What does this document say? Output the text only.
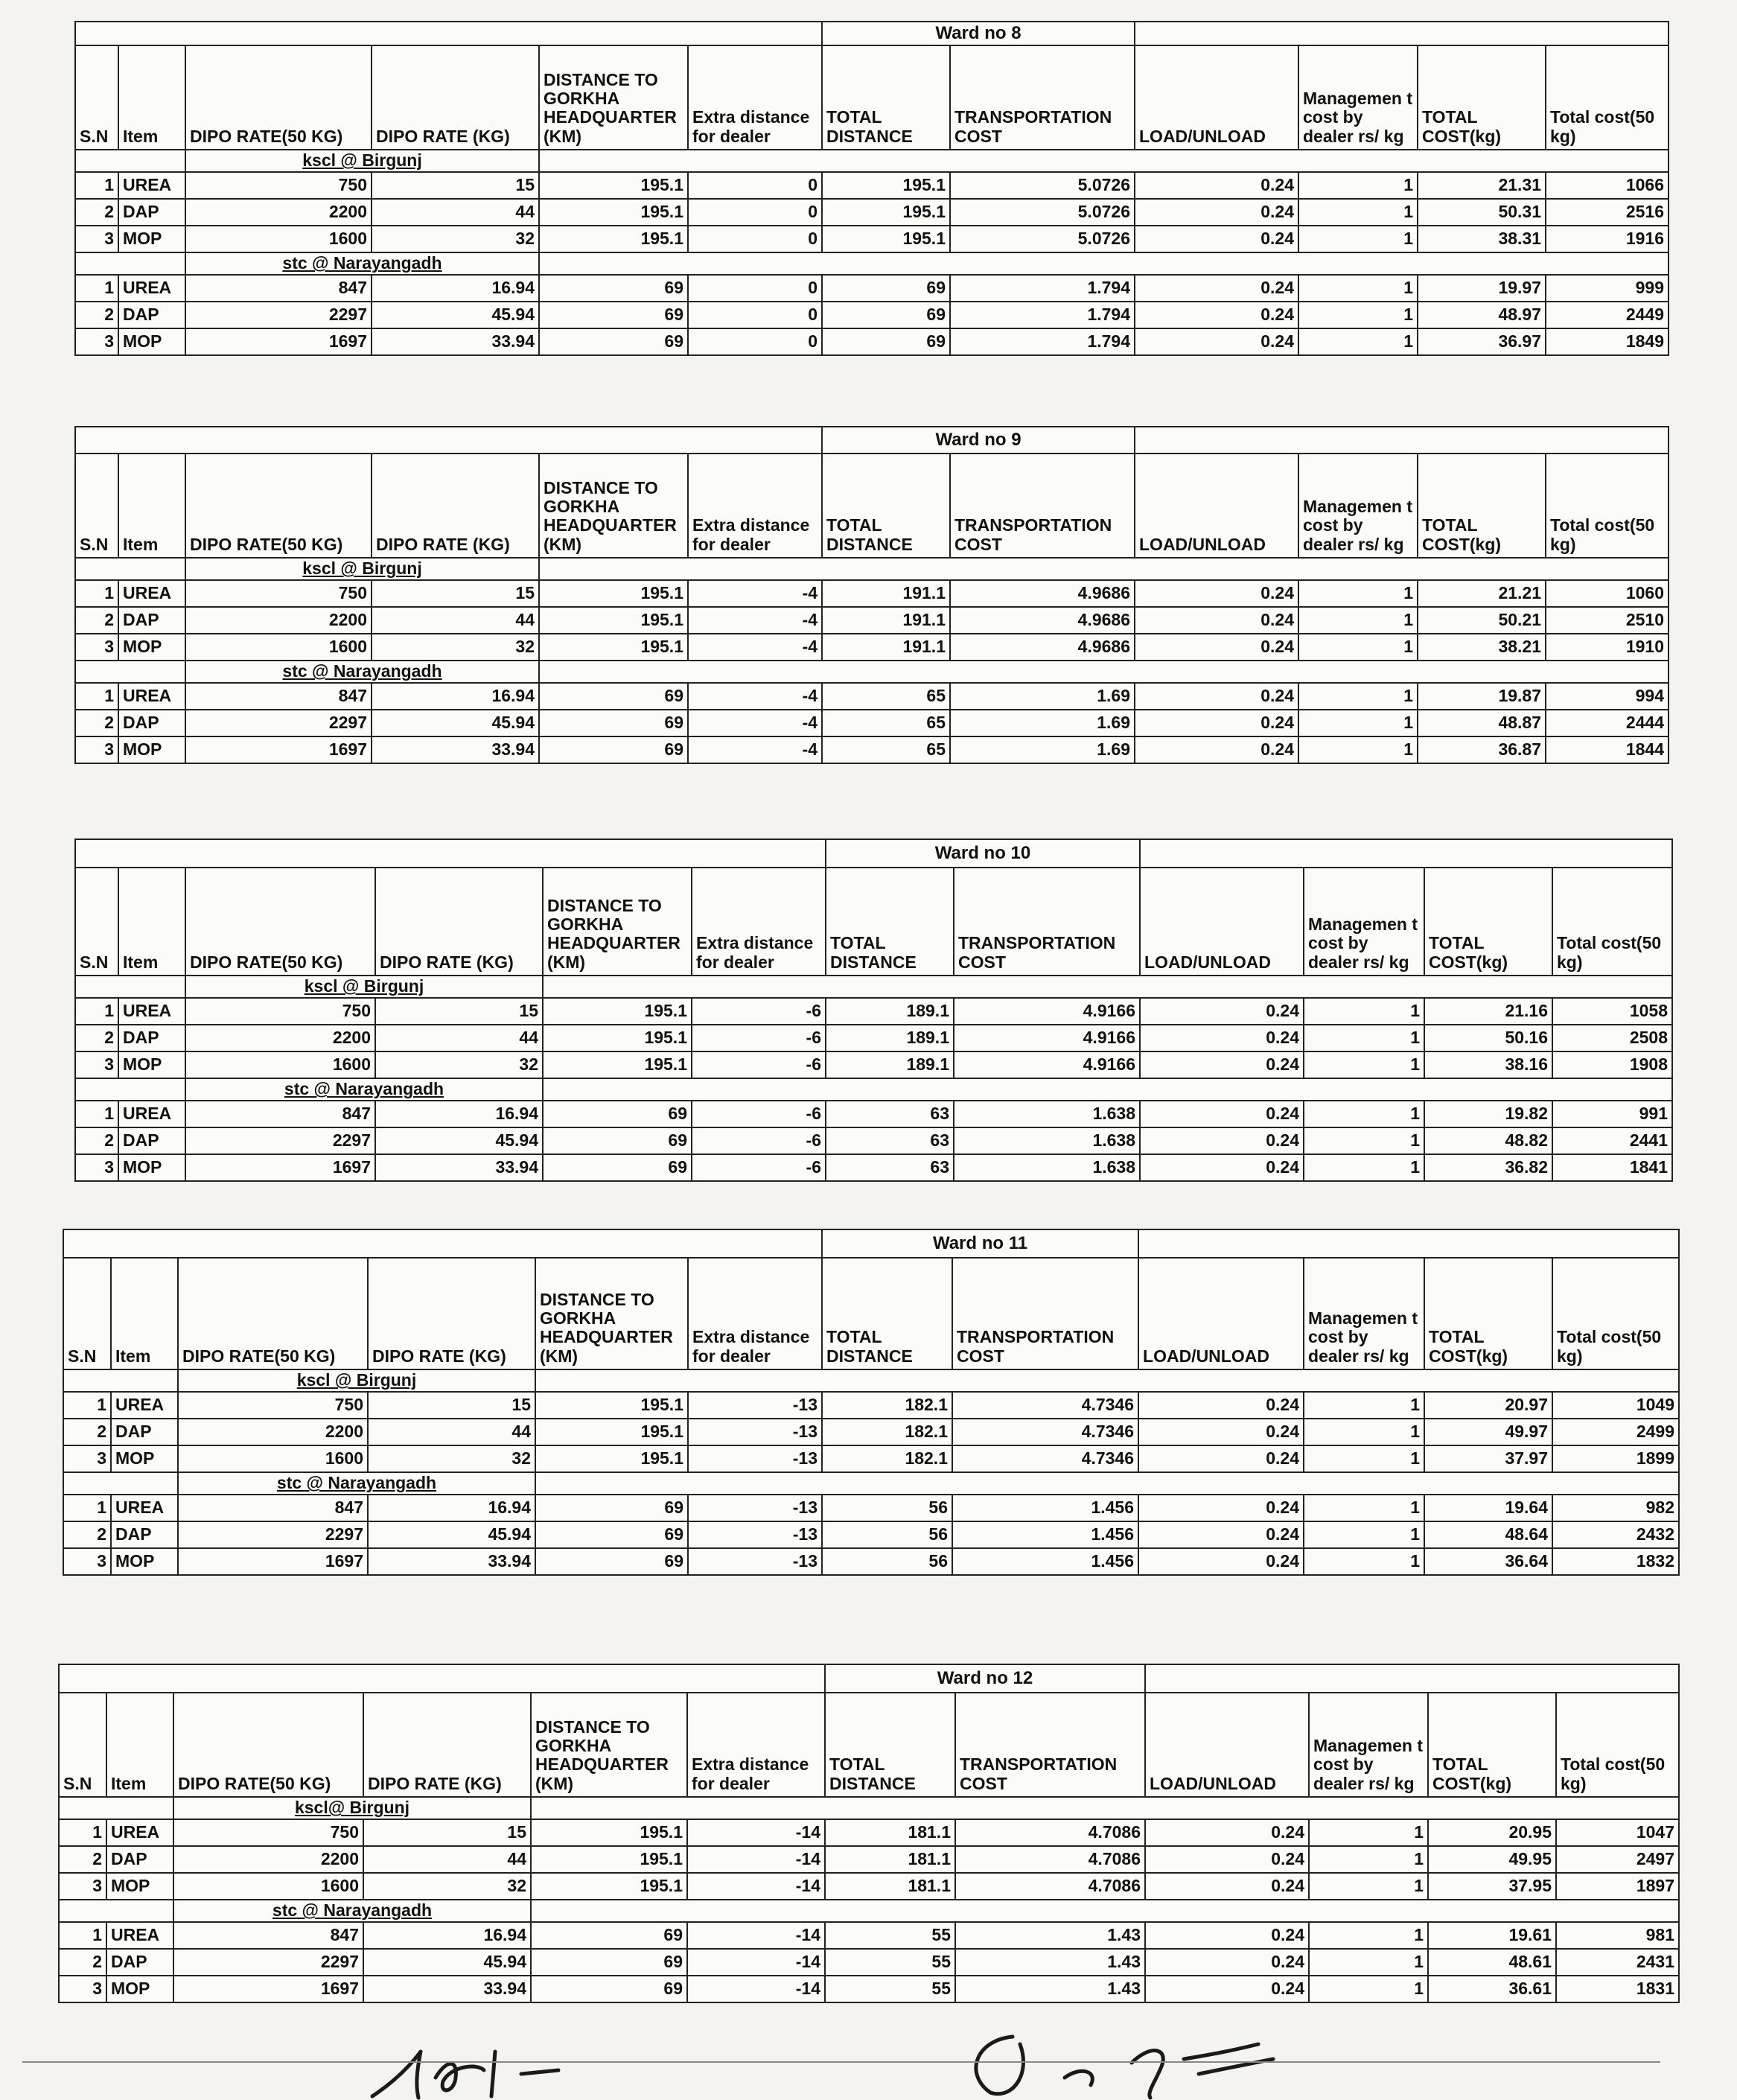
						Ward no 8					
S.N	Item	DIPO RATE(50 KG)	DIPO RATE (KG)	DISTANCE TO GORKHA HEADQUARTER (KM)	Extra distance for dealer	TOTAL DISTANCE	TRANSPORTATION COST	LOAD/UNLOAD	Managemen t cost by dealer rs/ kg	TOTAL COST(kg)	Total cost(50 kg)
		kscl @ Birgunj									
1	UREA	750	15	195.1	0	195.1	5.0726	0.24	1	21.31	1066
2	DAP	2200	44	195.1	0	195.1	5.0726	0.24	1	50.31	2516
3	MOP	1600	32	195.1	0	195.1	5.0726	0.24	1	38.31	1916
		stc @ Narayangadh									
1	UREA	847	16.94	69	0	69	1.794	0.24	1	19.97	999
2	DAP	2297	45.94	69	0	69	1.794	0.24	1	48.97	2449
3	MOP	1697	33.94	69	0	69	1.794	0.24	1	36.97	1849
						Ward no 9					
S.N	Item	DIPO RATE(50 KG)	DIPO RATE (KG)	DISTANCE TO GORKHA HEADQUARTER (KM)	Extra distance for dealer	TOTAL DISTANCE	TRANSPORTATION COST	LOAD/UNLOAD	Managemen t cost by dealer rs/ kg	TOTAL COST(kg)	Total cost(50 kg)
		kscl @ Birgunj									
1	UREA	750	15	195.1	-4	191.1	4.9686	0.24	1	21.21	1060
2	DAP	2200	44	195.1	-4	191.1	4.9686	0.24	1	50.21	2510
3	MOP	1600	32	195.1	-4	191.1	4.9686	0.24	1	38.21	1910
		stc @ Narayangadh									
1	UREA	847	16.94	69	-4	65	1.69	0.24	1	19.87	994
2	DAP	2297	45.94	69	-4	65	1.69	0.24	1	48.87	2444
3	MOP	1697	33.94	69	-4	65	1.69	0.24	1	36.87	1844
						Ward no 10					
S.N	Item	DIPO RATE(50 KG)	DIPO RATE (KG)	DISTANCE TO GORKHA HEADQUARTER (KM)	Extra distance for dealer	TOTAL DISTANCE	TRANSPORTATION COST	LOAD/UNLOAD	Managemen t cost by dealer rs/ kg	TOTAL COST(kg)	Total cost(50 kg)
		kscl @ Birgunj									
1	UREA	750	15	195.1	-6	189.1	4.9166	0.24	1	21.16	1058
2	DAP	2200	44	195.1	-6	189.1	4.9166	0.24	1	50.16	2508
3	MOP	1600	32	195.1	-6	189.1	4.9166	0.24	1	38.16	1908
		stc @ Narayangadh									
1	UREA	847	16.94	69	-6	63	1.638	0.24	1	19.82	991
2	DAP	2297	45.94	69	-6	63	1.638	0.24	1	48.82	2441
3	MOP	1697	33.94	69	-6	63	1.638	0.24	1	36.82	1841
						Ward no 11					
S.N	Item	DIPO RATE(50 KG)	DIPO RATE (KG)	DISTANCE TO GORKHA HEADQUARTER (KM)	Extra distance for dealer	TOTAL DISTANCE	TRANSPORTATION COST	LOAD/UNLOAD	Managemen t cost by dealer rs/ kg	TOTAL COST(kg)	Total cost(50 kg)
		kscl @ Birgunj									
1	UREA	750	15	195.1	-13	182.1	4.7346	0.24	1	20.97	1049
2	DAP	2200	44	195.1	-13	182.1	4.7346	0.24	1	49.97	2499
3	MOP	1600	32	195.1	-13	182.1	4.7346	0.24	1	37.97	1899
		stc @ Narayangadh									
1	UREA	847	16.94	69	-13	56	1.456	0.24	1	19.64	982
2	DAP	2297	45.94	69	-13	56	1.456	0.24	1	48.64	2432
3	MOP	1697	33.94	69	-13	56	1.456	0.24	1	36.64	1832
						Ward no 12					
S.N	Item	DIPO RATE(50 KG)	DIPO RATE (KG)	DISTANCE TO GORKHA HEADQUARTER (KM)	Extra distance for dealer	TOTAL DISTANCE	TRANSPORTATION COST	LOAD/UNLOAD	Managemen t cost by dealer rs/ kg	TOTAL COST(kg)	Total cost(50 kg)
		kscl@ Birgunj									
1	UREA	750	15	195.1	-14	181.1	4.7086	0.24	1	20.95	1047
2	DAP	2200	44	195.1	-14	181.1	4.7086	0.24	1	49.95	2497
3	MOP	1600	32	195.1	-14	181.1	4.7086	0.24	1	37.95	1897
		stc @ Narayangadh									
1	UREA	847	16.94	69	-14	55	1.43	0.24	1	19.61	981
2	DAP	2297	45.94	69	-14	55	1.43	0.24	1	48.61	2431
3	MOP	1697	33.94	69	-14	55	1.43	0.24	1	36.61	1831
